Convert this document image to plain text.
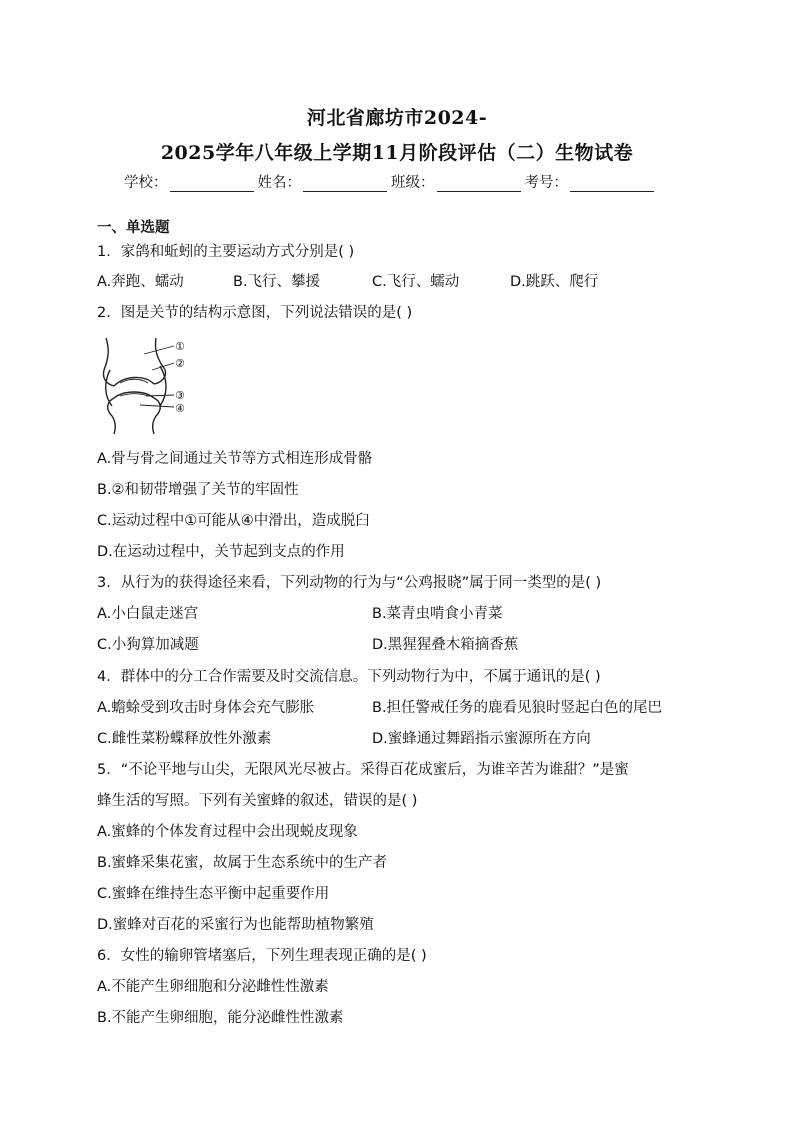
河北省廊坊市2024-
2025学年八年级上学期11月阶段评估（二）生物试卷
学校：	姓名：	班级：	考号：
一、单选题
1．家鸽和蚯蚓的主要运动方式分别是( )
A.奔跑、蠕动	B.飞行、攀援	C.飞行、蠕动	D.跳跃、爬行
2．图是关节的结构示意图，下列说法错误的是( )
①
②
③
④
A.骨与骨之间通过关节等方式相连形成骨骼
B.②和韧带增强了关节的牢固性
C.运动过程中①可能从④中滑出，造成脱臼
D.在运动过程中，关节起到支点的作用
3．从行为的获得途径来看，下列动物的行为与“公鸡报晓”属于同一类型的是( )
A.小白鼠走迷宫	B.菜青虫啃食小青菜
C.小狗算加减题	D.黑猩猩叠木箱摘香蕉
4．群体中的分工合作需要及时交流信息。下列动物行为中，不属于通讯的是( )
A.蟾蜍受到攻击时身体会充气膨胀	B.担任警戒任务的鹿看见狼时竖起白色的尾巴
C.雌性菜粉蝶释放性外激素	D.蜜蜂通过舞蹈指示蜜源所在方向
5．“不论平地与山尖，无限风光尽被占。采得百花成蜜后，为谁辛苦为谁甜？”是蜜
蜂生活的写照。下列有关蜜蜂的叙述，错误的是( )
A.蜜蜂的个体发育过程中会出现蜕皮现象
B.蜜蜂采集花蜜，故属于生态系统中的生产者
C.蜜蜂在维持生态平衡中起重要作用
D.蜜蜂对百花的采蜜行为也能帮助植物繁殖
6．女性的输卵管堵塞后，下列生理表现正确的是( )
A.不能产生卵细胞和分泌雌性性激素
B.不能产生卵细胞，能分泌雌性性激素
